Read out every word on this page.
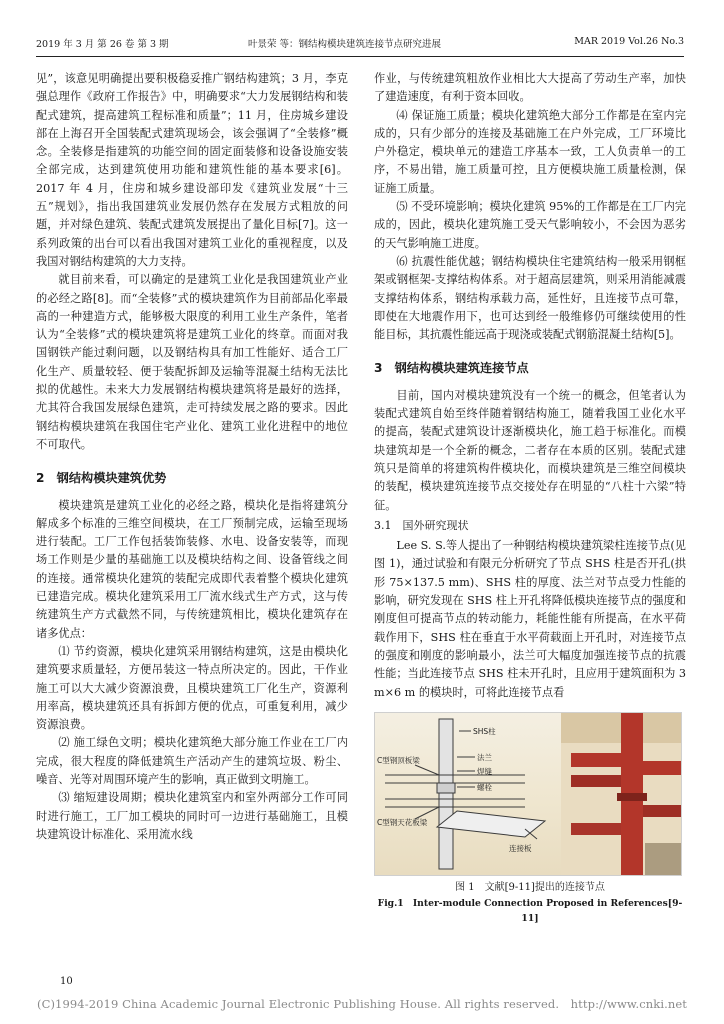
2019 年 3 月 第 26 卷 第 3 期	叶景荣 等：钢结构模块建筑连接节点研究进展	MAR 2019 Vol.26 No.3

见”，该意见明确提出要积极稳妥推广钢结构建筑；3 月，李克强总理作《政府工作报告》中，明确要求“大力发展钢结构和装配式建筑，提高建筑工程标准和质量”；11 月，住房城乡建设部在上海召开全国装配式建筑现场会，该会强调了“全装修”概念。全装修是指建筑的功能空间的固定面装修和设备设施安装全部完成，达到建筑使用功能和建筑性能的基本要求[6]。2017 年 4 月，住房和城乡建设部印发《建筑业发展“十三五”规划》，指出我国建筑业发展仍然存在发展方式粗放的问题，并对绿色建筑、装配式建筑发展提出了量化目标[7]。这一系列政策的出台可以看出我国对建筑工业化的重视程度，以及我国对钢结构建筑的大力支持。

就目前来看，可以确定的是建筑工业化是我国建筑业产业的必经之路[8]。而“全装修”式的模块建筑作为目前部品化率最高的一种建造方式，能够极大限度的利用工业生产条件，笔者认为“全装修”式的模块建筑将是建筑工业化的终章。而面对我国钢铁产能过剩问题，以及钢结构具有加工性能好、适合工厂化生产、质量较轻、便于装配拆卸及运输等混凝土结构无法比拟的优越性。未来大力发展钢结构模块建筑将是最好的选择，尤其符合我国发展绿色建筑，走可持续发展之路的要求。因此钢结构模块建筑在我国住宅产业化、建筑工业化进程中的地位不可取代。

2　钢结构模块建筑优势

模块建筑是建筑工业化的必经之路，模块化是指将建筑分解成多个标准的三维空间模块，在工厂预制完成，运输至现场进行装配。工厂工作包括装饰装修、水电、设备安装等，而现场工作则是少量的基础施工以及模块结构之间、设备管线之间的连接。通常模块化建筑的装配完成即代表着整个模块化建筑已建造完成。模块化建筑采用工厂流水线式生产方式，这与传统建筑生产方式截然不同，与传统建筑相比，模块化建筑存在诸多优点：

⑴ 节约资源，模块化建筑采用钢结构建筑，这是由模块化建筑要求质量轻，方便吊装这一特点所决定的。因此，干作业施工可以大大减少资源浪费，且模块建筑工厂化生产，资源利用率高，模块建筑还具有拆卸方便的优点，可重复利用，减少资源浪费。

⑵ 施工绿色文明；模块化建筑绝大部分施工作业在工厂内完成，很大程度的降低建筑生产活动产生的建筑垃圾、粉尘、噪音、光等对周围环境产生的影响，真正做到文明施工。

⑶ 缩短建设周期；模块化建筑室内和室外两部分工作可同时进行施工，工厂加工模块的同时可一边进行基础施工，且模块建筑设计标准化、采用流水线

作业，与传统建筑粗放作业相比大大提高了劳动生产率，加快了建造速度，有利于资本回收。

⑷ 保证施工质量；模块化建筑绝大部分工作都是在室内完成的，只有少部分的连接及基础施工在户外完成，工厂环境比户外稳定，模块单元的建造工序基本一致，工人负责单一的工序，不易出错，施工质量可控，且方便模块施工质量检测，保证施工质量。

⑸ 不受环境影响；模块化建筑 95%的工作都是在工厂内完成的，因此，模块化建筑施工受天气影响较小，不会因为恶劣的天气影响施工进度。

⑹ 抗震性能优越；钢结构模块住宅建筑结构一般采用钢框架或钢框架-支撑结构体系。对于超高层建筑，则采用消能减震支撑结构体系，钢结构承载力高，延性好，且连接节点可靠，即使在大地震作用下，也可达到经一般维修仍可继续使用的性能目标，其抗震性能远高于现浇或装配式钢筋混凝土结构[5]。

3　钢结构模块建筑连接节点

目前，国内对模块建筑没有一个统一的概念，但笔者认为装配式建筑自始至终伴随着钢结构施工，随着我国工业化水平的提高，装配式建筑设计逐渐模块化，施工趋于标准化。而模块建筑却是一个全新的概念，二者存在本质的区别。装配式建筑只是简单的将建筑构件模块化，而模块建筑是三维空间模块的装配，模块建筑连接节点交接处存在明显的“八柱十六梁”特征。

3.1　国外研究现状

Lee S. S.等人提出了一种钢结构模块建筑梁柱连接节点(见图 1)，通过试验和有限元分析研究了节点 SHS 柱是否开孔(拱形 75×137.5 mm)、SHS 柱的厚度、法兰对节点受力性能的影响，研究发现在 SHS 柱上开孔将降低模块连接节点的强度和刚度但可提高节点的转动能力，耗能性能有所提高，在水平荷载作用下，SHS 柱在垂直于水平荷载面上开孔时，对连接节点的强度和刚度的影响最小，法兰可大幅度加强连接节点的抗震性能；当此连接节点 SHS 柱未开孔时，且应用于建筑面积为 3 m×6 m 的模块时，可将此连接节点看

SHS柱
法兰
焊缝
螺栓
C型钢顶板梁
C型钢天花板梁
连接板
图 1　文献[9-11]提出的连接节点
Fig.1　Inter-module Connection Proposed in References[9-11]
10
(C)1994-2019 China Academic Journal Electronic Publishing House. All rights reserved.　http://www.cnki.net
